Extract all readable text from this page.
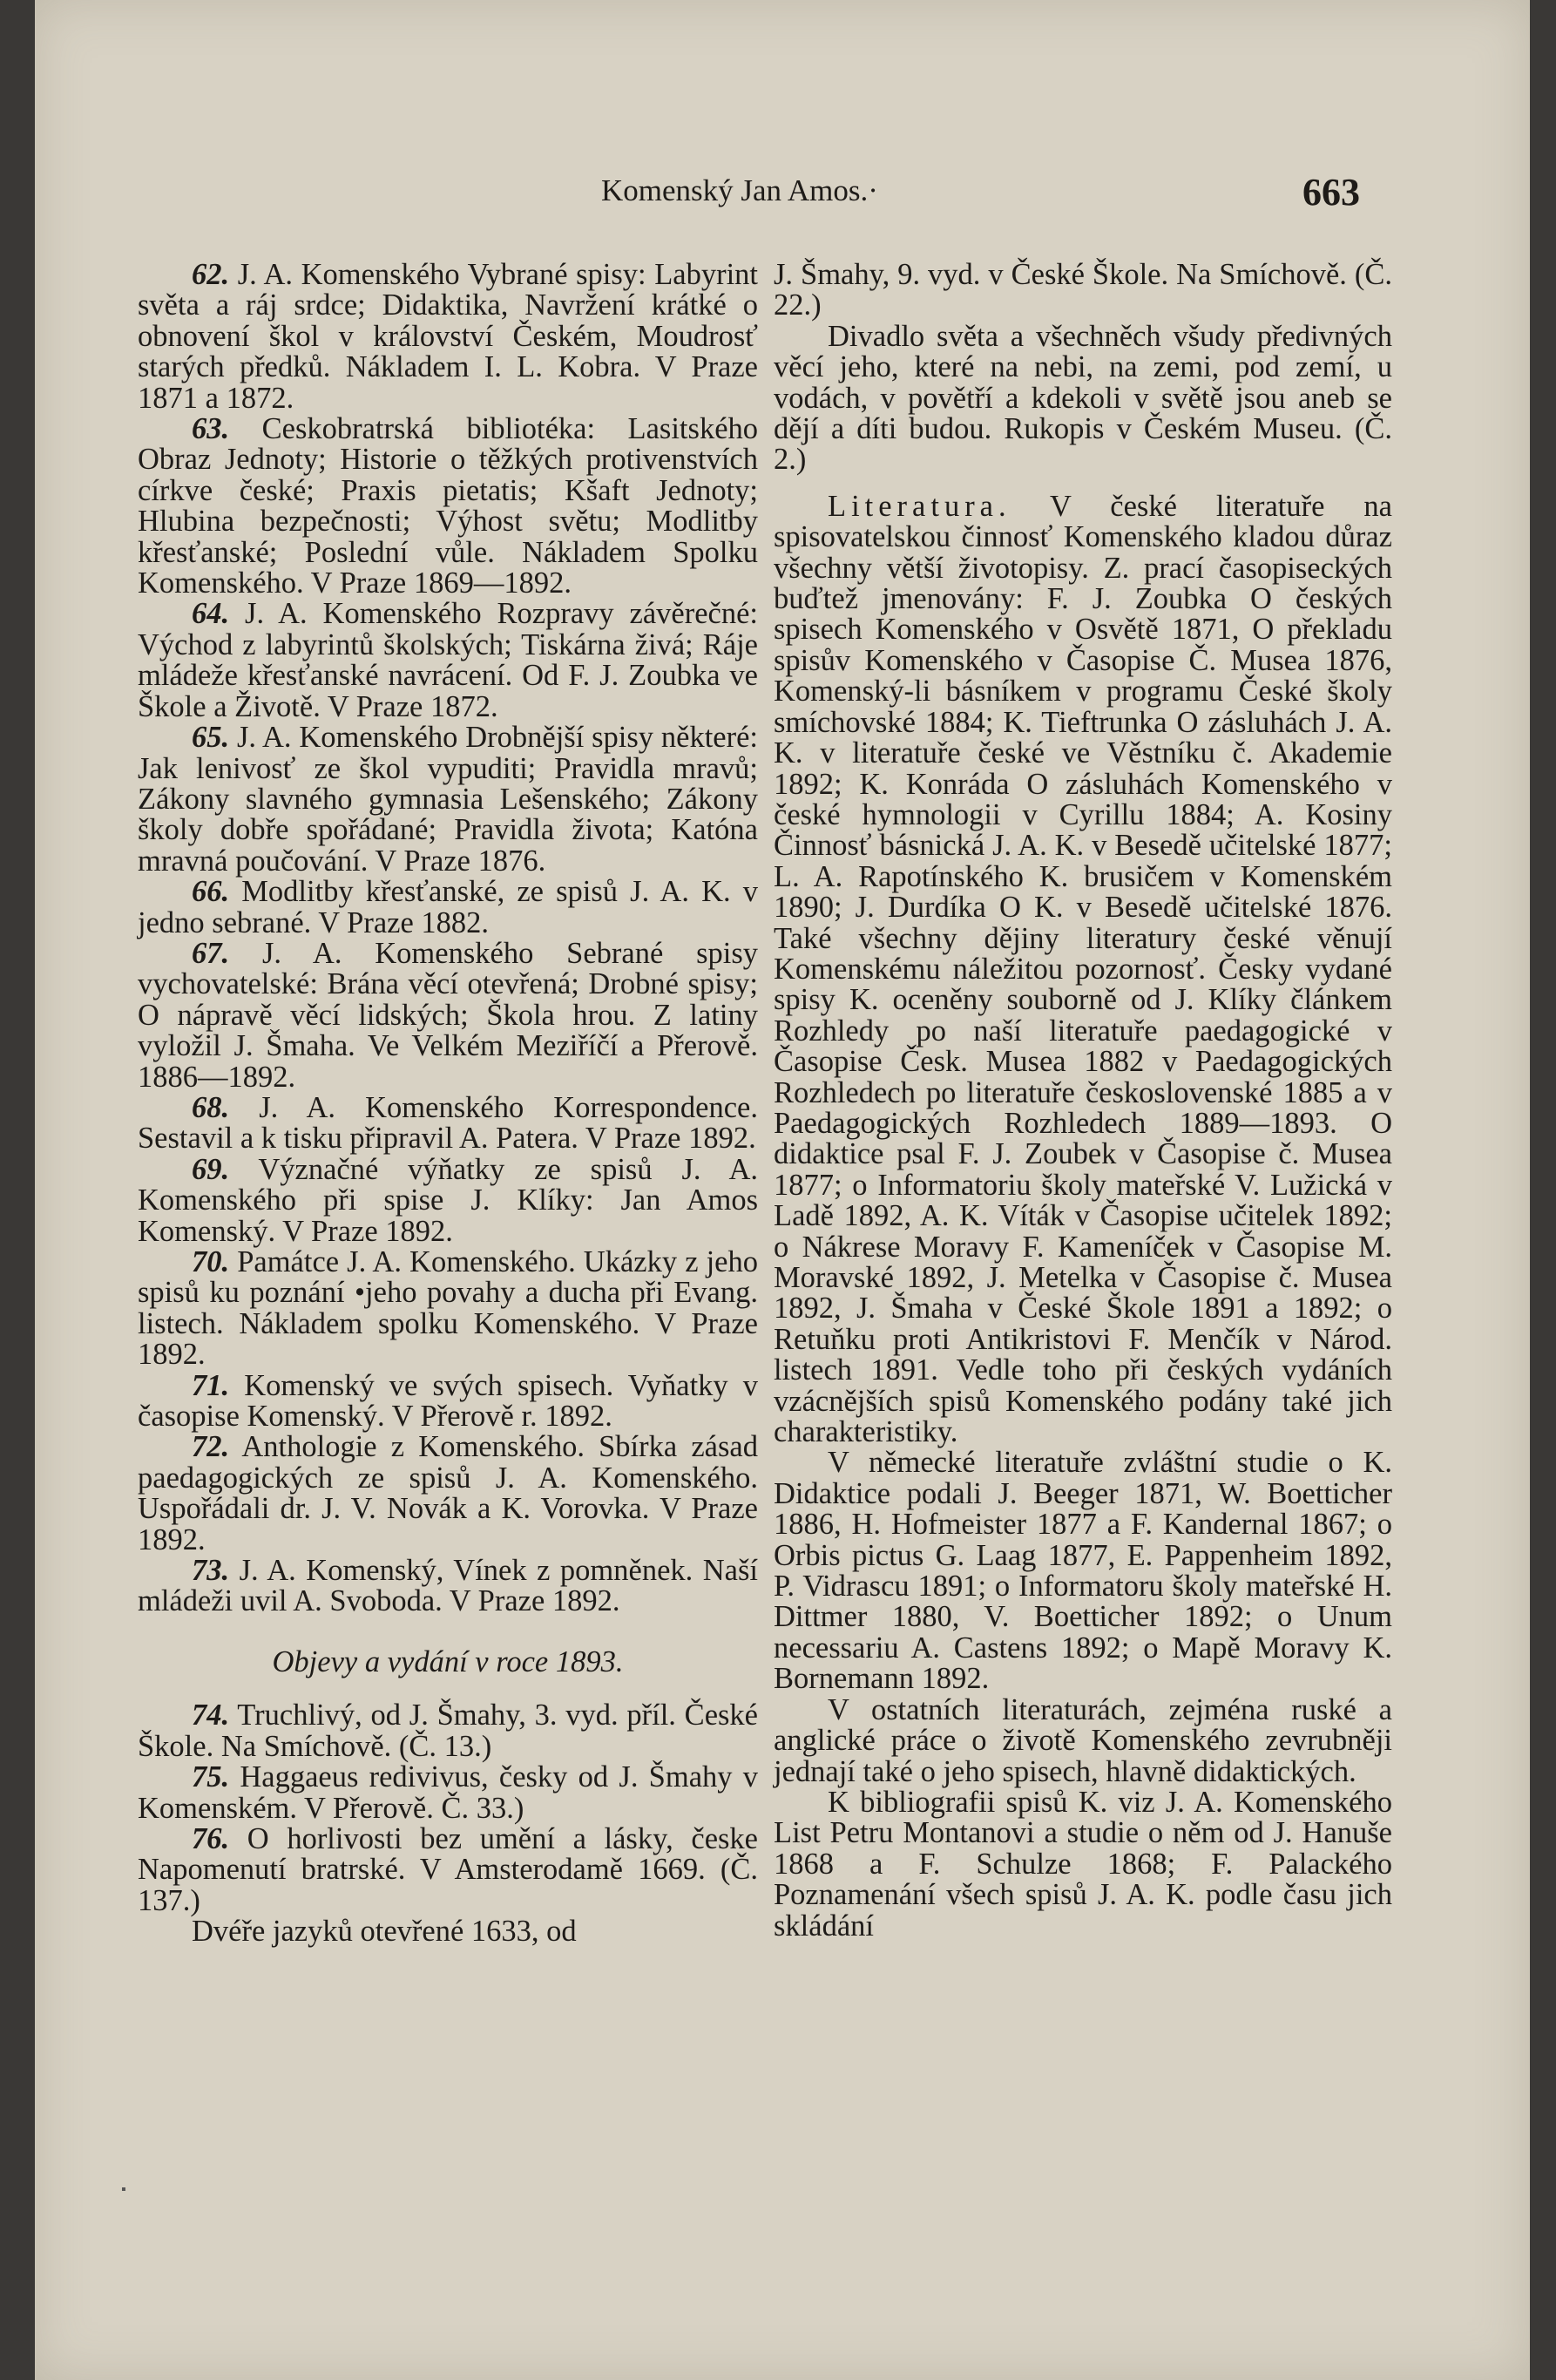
Komenský Jan Amos.·	663

62. J. A. Komenského Vybrané spisy: Labyrint světa a ráj srdce; Didaktika, Navržení krátké o obnovení škol v království Českém, Moudrosť starých předků. Nákladem I. L. Kobra. V Praze 1871 a 1872.

63. Ceskobratrská bibliotéka: Lasitského Obraz Jednoty; Historie o těžkých protivenstvích církve české; Praxis pietatis; Kšaft Jednoty; Hlubina bezpečnosti; Výhost světu; Modlitby křesťanské; Poslední vůle. Nákladem Spolku Komenského. V Praze 1869—1892.

64. J. A. Komenského Rozpravy závěrečné: Východ z labyrintů školských; Tiskárna živá; Ráje mládeže křesťanské navrácení. Od F. J. Zoubka ve Škole a Životě. V Praze 1872.

65. J. A. Komenského Drobnější spisy některé: Jak lenivosť ze škol vypuditi; Pravidla mravů; Zákony slavného gymnasia Lešenského; Zákony školy dobře spořádané; Pravidla života; Katóna mravná poučování. V Praze 1876.

66. Modlitby křesťanské, ze spisů J. A. K. v jedno sebrané. V Praze 1882.

67. J. A. Komenského Sebrané spisy vychovatelské: Brána věcí otevřená; Drobné spisy; O nápravě věcí lidských; Škola hrou. Z latiny vyložil J. Šmaha. Ve Velkém Meziříčí a Přerově. 1886—1892.

68. J. A. Komenského Korrespondence. Sestavil a k tisku připravil A. Patera. V Praze 1892.

69. Význačné výňatky ze spisů J. A. Komenského při spise J. Klíky: Jan Amos Komenský. V Praze 1892.

70. Památce J. A. Komenského. Ukázky z jeho spisů ku poznání •jeho povahy a ducha při Evang. listech. Nákladem spolku Komenského. V Praze 1892.

71. Komenský ve svých spisech. Vyňatky v časopise Komenský. V Přerově r. 1892.

72. Anthologie z Komenského. Sbírka zásad paedagogických ze spisů J. A. Komenského. Uspořádali dr. J. V. Novák a K. Vorovka. V Praze 1892.

73. J. A. Komenský, Vínek z pomněnek. Naší mládeži uvil A. Svoboda. V Praze 1892.

Objevy a vydání v roce 1893.

74. Truchlivý, od J. Šmahy, 3. vyd. příl. České Škole. Na Smíchově. (Č. 13.)

75. Haggaeus redivivus, česky od J. Šmahy v Komenském. V Přerově. Č. 33.)

76. O horlivosti bez umění a lásky, česke Napomenutí bratrské. V Amsterodamě 1669. (Č. 137.)

Dvéře jazyků otevřené 1633, od

J. Šmahy, 9. vyd. v České Škole. Na Smíchově. (Č. 22.)

Divadlo světa a všechněch všudy předivných věcí jeho, které na nebi, na zemi, pod zemí, u vodách, v povětří a kdekoli v světě jsou aneb se dějí a díti budou. Rukopis v Českém Museu. (Č. 2.)

Literatura. V české literatuře na spisovatelskou činnosť Komenského kladou důraz všechny větší životopisy. Z. prací časopiseckých buďtež jmenovány: F. J. Zoubka O českých spisech Komenského v Osvětě 1871, O překladu spisův Komenského v Časopise Č. Musea 1876, Komenský-li básníkem v programu České školy smíchovské 1884; K. Tieftrunka O zásluhách J. A. K. v literatuře české ve Věstníku č. Akademie 1892; K. Konráda O zásluhách Komenského v české hymnologii v Cyrillu 1884; A. Kosiny Činnosť básnická J. A. K. v Besedě učitelské 1877; L. A. Rapotínského K. brusičem v Komenském 1890; J. Durdíka O K. v Besedě učitelské 1876. Také všechny dějiny literatury české věnují Komenskému náležitou pozornosť. Česky vydané spisy K. oceněny souborně od J. Klíky článkem Rozhledy po naší literatuře paedagogické v Časopise Česk. Musea 1882 v Paedagogických Rozhledech po literatuře československé 1885 a v Paedagogických Rozhledech 1889—1893. O didaktice psal F. J. Zoubek v Časopise č. Musea 1877; o Informatoriu školy mateřské V. Lužická v Ladě 1892, A. K. Víták v Časopise učitelek 1892; o Nákrese Moravy F. Kameníček v Časopise M. Moravské 1892, J. Metelka v Časopise č. Musea 1892, J. Šmaha v České Škole 1891 a 1892; o Retuňku proti Antikristovi F. Menčík v Národ. listech 1891. Vedle toho při českých vydáních vzácnějších spisů Komenského podány také jich charakteristiky.

V německé literatuře zvláštní studie o K. Didaktice podali J. Beeger 1871, W. Boetticher 1886, H. Hofmeister 1877 a F. Kandernal 1867; o Orbis pictus G. Laag 1877, E. Pappenheim 1892, P. Vidrascu 1891; o Informatoru školy mateřské H. Dittmer 1880, V. Boetticher 1892; o Unum necessariu A. Castens 1892; o Mapě Moravy K. Bornemann 1892.

V ostatních literaturách, zejména ruské a anglické práce o životě Komenského zevrubněji jednají také o jeho spisech, hlavně didaktických.

K bibliografii spisů K. viz J. A. Komenského List Petru Montanovi a studie o něm od J. Hanuše 1868 a F. Schulze 1868; F. Palackého Poznamenání všech spisů J. A. K. podle času jich skládání
